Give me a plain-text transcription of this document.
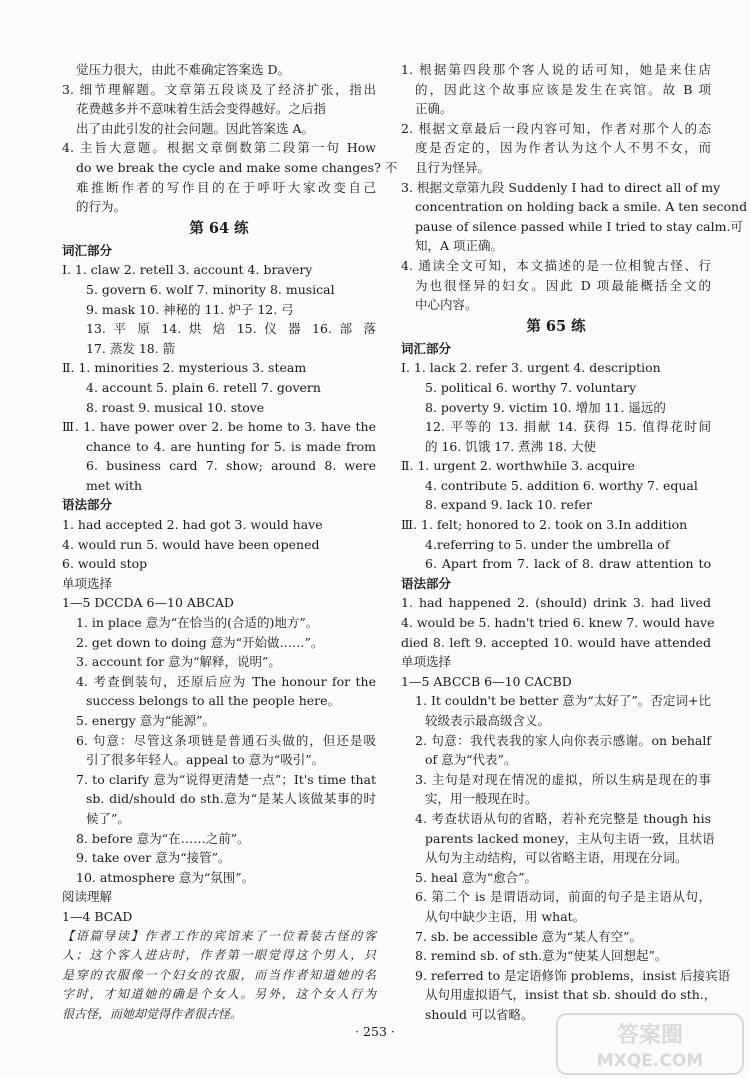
觉压力很大，由此不难确定答案选 D。
3. 细节理解题。文章第五段谈及了经济扩张，指出
花费越多并不意味着生活会变得越好。之后指
出了由此引发的社会问题。因此答案选 A。
4. 主旨大意题。根据文章倒数第二段第一句 How
do we break the cycle and make some changes? 不
难推断作者的写作目的在于呼吁大家改变自己
的行为。
第 64 练
词汇部分
Ⅰ. 1. claw 2. retell 3. account 4. bravery
5. govern 6. wolf 7. minority 8. musical
9. mask 10. 神秘的 11. 炉子 12. 弓
13. 平 原 14. 烘 焙 15. 仪 器 16. 部 落
17. 蒸发 18. 箭
Ⅱ. 1. minorities 2. mysterious 3. steam
4. account 5. plain 6. retell 7. govern
8. roast 9. musical 10. stove
Ⅲ. 1. have power over 2. be home to 3. have the
chance to 4. are hunting for 5. is made from
6. business card 7. show; around 8. were
met with
语法部分
1. had accepted 2. had got 3. would have
4. would run 5. would have been opened
6. would stop
单项选择
1—5 DCCDA 6—10 ABCAD
1. in place 意为“在恰当的(合适的)地方”。
2. get down to doing 意为“开始做……”。
3. account for 意为“解释，说明”。
4. 考查倒装句，还原后应为 The honour for the
success belongs to all the people here。
5. energy 意为“能源”。
6. 句意：尽管这条项链是普通石头做的，但还是吸
引了很多年轻人。appeal to 意为“吸引”。
7. to clarify 意为“说得更清楚一点”；It's time that
sb. did/should do sth.意为“是某人该做某事的时
候了”。
8. before 意为“在……之前”。
9. take over 意为“接管”。
10. atmosphere 意为“氛围”。
阅读理解
1—4 BCAD
【语篇导读】作者工作的宾馆来了一位着装古怪的客
人；这个客人进店时，作者第一眼觉得这个男人，只
是穿的衣服像一个妇女的衣服，而当作者知道她的名
字时，才知道她的确是个女人。另外，这个女人行为
很古怪，而她却觉得作者很古怪。
1. 根据第四段那个客人说的话可知，她是来住店
的，因此这个故事应该是发生在宾馆。故 B 项
正确。
2. 根据文章最后一段内容可知，作者对那个人的态
度是否定的，因为作者认为这个人不男不女，而
且行为怪异。
3. 根据文章第九段 Suddenly I had to direct all of my
concentration on holding back a smile. A ten second
pause of silence passed while I tried to stay calm.可
知，A 项正确。
4. 通读全文可知，本文描述的是一位相貌古怪、行
为也很怪异的妇女。因此 D 项最能概括全文的
中心内容。
第 65 练
词汇部分
Ⅰ. 1. lack 2. refer 3. urgent 4. description
5. political 6. worthy 7. voluntary
8. poverty 9. victim 10. 增加 11. 遥远的
12. 平等的 13. 捐献 14. 获得 15. 值得花时间
的 16. 饥饿 17. 煮沸 18. 大使
Ⅱ. 1. urgent 2. worthwhile 3. acquire
4. contribute 5. addition 6. worthy 7. equal
8. expand 9. lack 10. refer
Ⅲ. 1. felt; honored to 2. took on 3.In addition
4.referring to 5. under the umbrella of
6. Apart from 7. lack of 8. draw attention to
语法部分
1. had happened 2. (should) drink 3. had lived
4. would be 5. hadn't tried 6. knew 7. would have
died 8. left 9. accepted 10. would have attended
单项选择
1—5 ABCCB 6—10 CACBD
1. It couldn't be better 意为“太好了”。否定词+比
较级表示最高级含义。
2. 句意：我代表我的家人向你表示感谢。on behalf
of 意为“代表”。
3. 主句是对现在情况的虚拟，所以生病是现在的事
实，用一般现在时。
4. 考查状语从句的省略，若补充完整是 though his
parents lacked money，主从句主语一致，且状语
从句为主动结构，可以省略主语，用现在分词。
5. heal 意为“愈合”。
6. 第二个 is 是谓语动词，前面的句子是主语从句，
从句中缺少主语，用 what。
7. sb. be accessible 意为“某人有空”。
8. remind sb. of sth.意为“使某人回想起”。
9. referred to 是定语修饰 problems，insist 后接宾语
从句用虚拟语气，insist that sb. should do sth.，
should 可以省略。
· 253 ·	答案圈
MXQE.COM
